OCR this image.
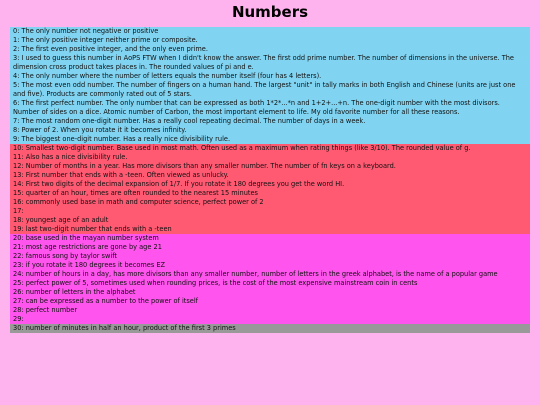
Numbers
0: The only number not negative or positive
1: The only positive integer neither prime or composite.
2: The first even positive integer, and the only even prime.
3: I used to guess this number in AoPS FTW when I didn't know the answer. The first odd prime number. The number of dimensions in the universe. The dimension cross product takes places in. The rounded values of pi and e.
4: The only number where the number of letters equals the number itself (four has 4 letters).
5: The most even odd number. The number of fingers on a human hand. The largest "unit" in tally marks in both English and Chinese (units are just one and five). Products are commonly rated out of 5 stars.
6: The first perfect number. The only number that can be expressed as both 1*2*...*n and 1+2+...+n. The one-digit number with the most divisors. Number of sides on a dice. Atomic number of Carbon, the most important element to life. My old favorite number for all these reasons.
7: The most random one-digit number. Has a really cool repeating decimal. The number of days in a week.
8: Power of 2. When you rotate it it becomes infinity.
9: The biggest one-digit number. Has a really nice divisibility rule.
10: Smallest two-digit number. Base used in most math. Often used as a maximum when rating things (like 3/10). The rounded value of g.
11: Also has a nice divisibility rule.
12: Number of months in a year. Has more divisors than any smaller number. The number of fn keys on a keyboard.
13: First number that ends with a -teen. Often viewed as unlucky.
14: First two digits of the decimal expansion of 1/7. If you rotate it 180 degrees you get the word HI.
15: quarter of an hour, times are often rounded to the nearest 15 minutes
16: commonly used base in math and computer science, perfect power of 2
17:
18: youngest age of an adult
19: last two-digit number that ends with a -teen
20: base used in the mayan number system
21: most age restrictions are gone by age 21
22: famous song by taylor swift
23: if you rotate it 180 degrees it becomes EZ
24: number of hours in a day, has more divisors than any smaller number, number of letters in the greek alphabet, is the name of a popular game
25: perfect power of 5, sometimes used when rounding prices, is the cost of the most expensive mainstream coin in cents
26: number of letters in the alphabet
27: can be expressed as a number to the power of itself
28: perfect number
29:
30: number of minutes in half an hour, product of the first 3 primes
